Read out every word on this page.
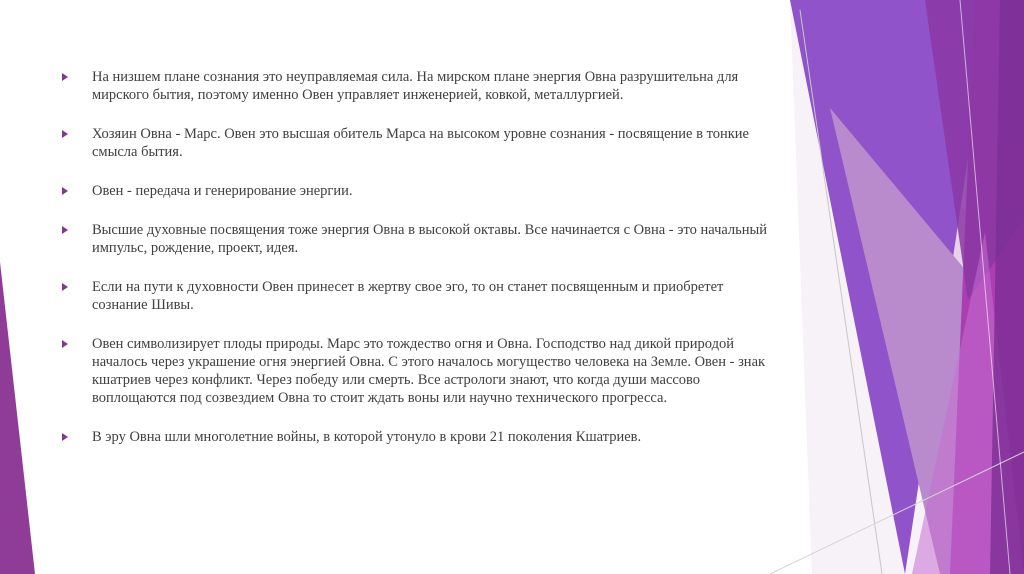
На низшем плане сознания это неуправляемая сила. На мирском плане энергия Овна разрушительна для мирского бытия, поэтому именно Овен управляет инженерией, ковкой, металлургией.
Хозяин Овна - Марс. Овен это высшая обитель Марса на высоком уровне сознания - посвящение в тонкие смысла бытия.
Овен - передача и генерирование энергии.
Высшие духовные посвящения тоже энергия Овна в высокой октавы. Все начинается с Овна - это начальный импульс, рождение, проект, идея.
Если на пути к духовности Овен принесет в жертву свое эго, то он станет посвященным и приобретет сознание Шивы.
Овен символизирует плоды природы. Марс это тождество огня и Овна. Господство над дикой природой началось через украшение огня энергией Овна. С этого началось могущество человека на Земле. Овен - знак кшатриев через конфликт. Через победу или смерть. Все астрологи знают, что когда души массово воплощаются под созвездием Овна то стоит ждать воны или научно технического прогресса.
В эру Овна шли многолетние войны, в которой утонуло в крови 21 поколения Кшатриев.
